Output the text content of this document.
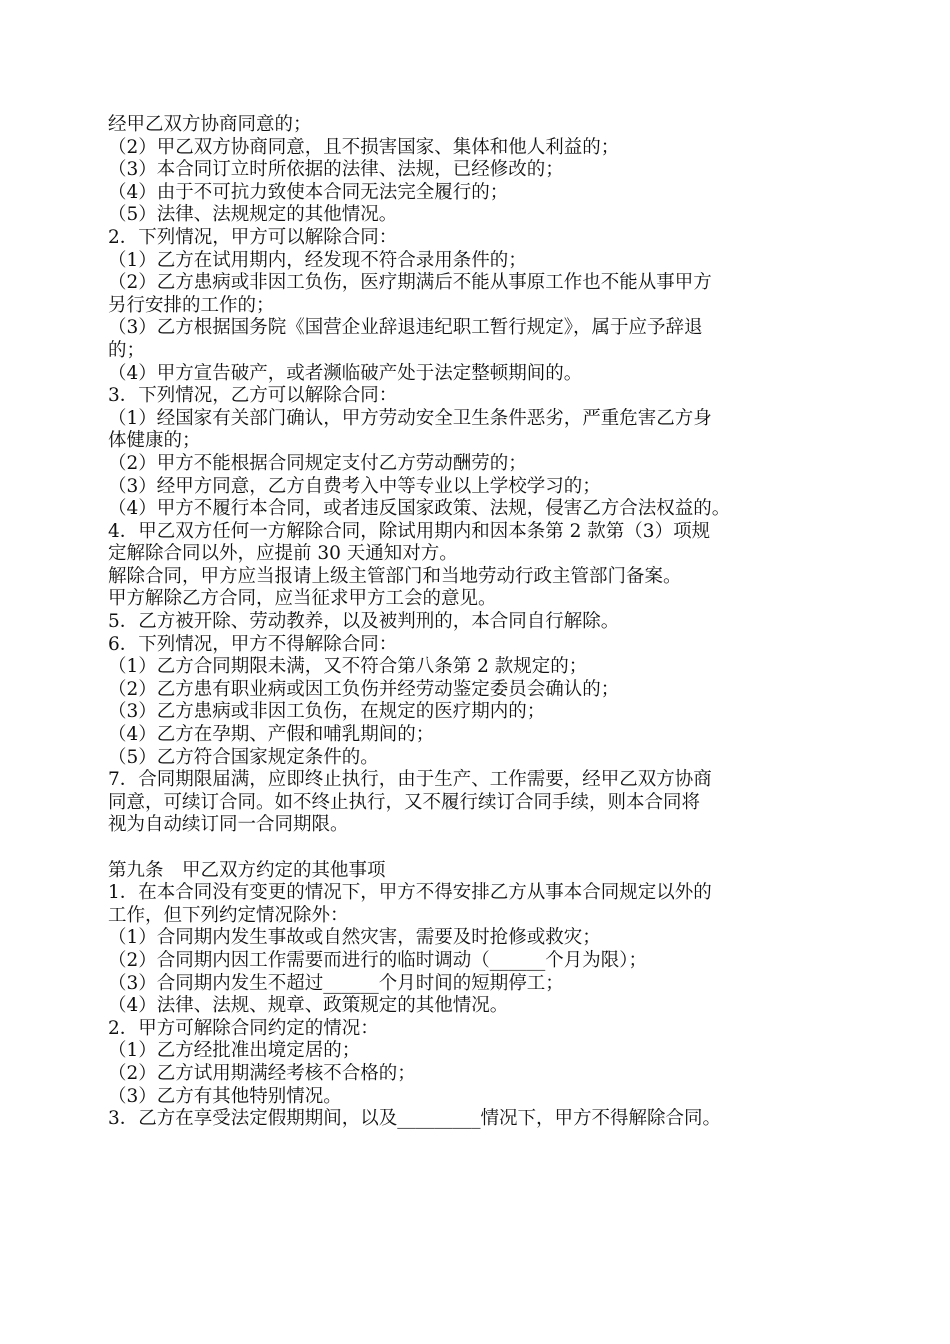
经甲乙双方协商同意的；
（2）甲乙双方协商同意，且不损害国家、集体和他人利益的；
（3）本合同订立时所依据的法律、法规，已经修改的；
（4）由于不可抗力致使本合同无法完全履行的；
（5）法律、法规规定的其他情况。
2．下列情况，甲方可以解除合同：
（1）乙方在试用期内，经发现不符合录用条件的；
（2）乙方患病或非因工负伤，医疗期满后不能从事原工作也不能从事甲方
另行安排的工作的；
（3）乙方根据国务院《国营企业辞退违纪职工暂行规定》，属于应予辞退
的；
（4）甲方宣告破产，或者濒临破产处于法定整顿期间的。
3．下列情况，乙方可以解除合同：
（1）经国家有关部门确认，甲方劳动安全卫生条件恶劣，严重危害乙方身
体健康的；
（2）甲方不能根据合同规定支付乙方劳动酬劳的；
（3）经甲方同意，乙方自费考入中等专业以上学校学习的；
（4）甲方不履行本合同，或者违反国家政策、法规，侵害乙方合法权益的。
4．甲乙双方任何一方解除合同，除试用期内和因本条第 2 款第（3）项规
定解除合同以外，应提前 30 天通知对方。
解除合同，甲方应当报请上级主管部门和当地劳动行政主管部门备案。
甲方解除乙方合同，应当征求甲方工会的意见。
5．乙方被开除、劳动教养，以及被判刑的，本合同自行解除。
6．下列情况，甲方不得解除合同：
（1）乙方合同期限未满，又不符合第八条第 2 款规定的；
（2）乙方患有职业病或因工负伤并经劳动鉴定委员会确认的；
（3）乙方患病或非因工负伤，在规定的医疗期内的；
（4）乙方在孕期、产假和哺乳期间的；
（5）乙方符合国家规定条件的。
7．合同期限届满，应即终止执行，由于生产、工作需要，经甲乙双方协商
同意，可续订合同。如不终止执行，又不履行续订合同手续，则本合同将
视为自动续订同一合同期限。
第九条　甲乙双方约定的其他事项
1．在本合同没有变更的情况下，甲方不得安排乙方从事本合同规定以外的
工作，但下列约定情况除外：
（1）合同期内发生事故或自然灾害，需要及时抢修或救灾；
（2）合同期内因工作需要而进行的临时调动（______个月为限）；
（3）合同期内发生不超过______个月时间的短期停工；
（4）法律、法规、规章、政策规定的其他情况。
2．甲方可解除合同约定的情况：
（1）乙方经批准出境定居的；
（2）乙方试用期满经考核不合格的；
（3）乙方有其他特别情况。
3．乙方在享受法定假期期间，以及_________情况下，甲方不得解除合同。
